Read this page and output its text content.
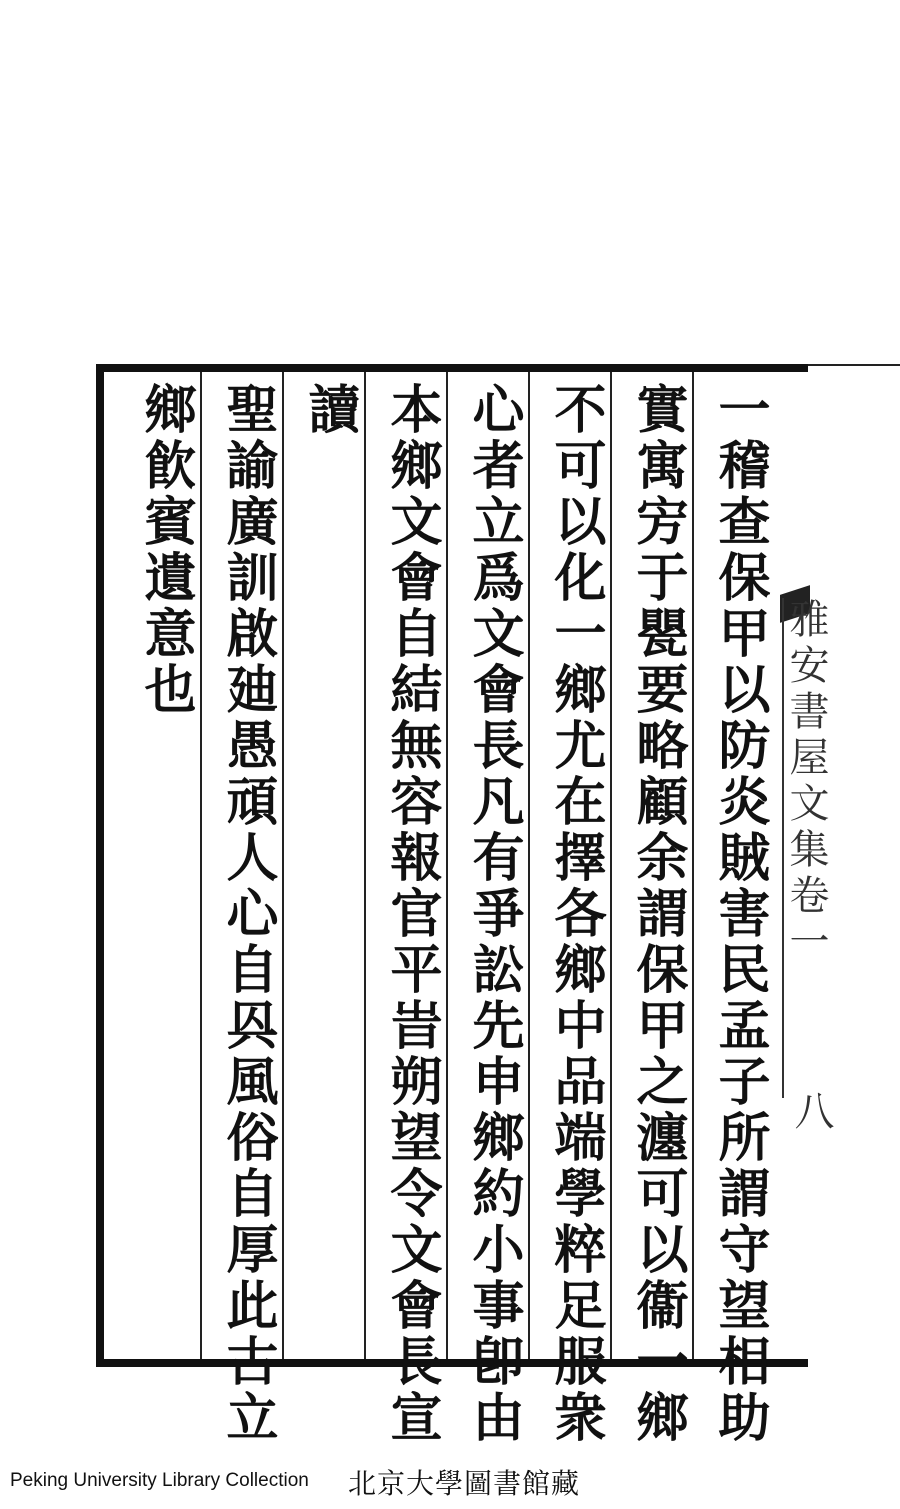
雅安書屋文集卷一
八
一稽查保甲以防炎賊害民孟子所謂守望相助
實寓㝑于甖要略顧余謂保甲之瀍可以衞一鄉
不可以化一鄉尤在擇各鄉中品端學粹足服衆
心者立爲文會長凡有爭訟先申鄉約小事卽由
本鄉文會自結無容報官平旹朔望令文會長宣
讀
聖諭廣訓啟廸愚頑人心自㒷風俗自厚此古立
鄉飮賓遺意也
Peking University Library Collection 北京大學圖書館藏
